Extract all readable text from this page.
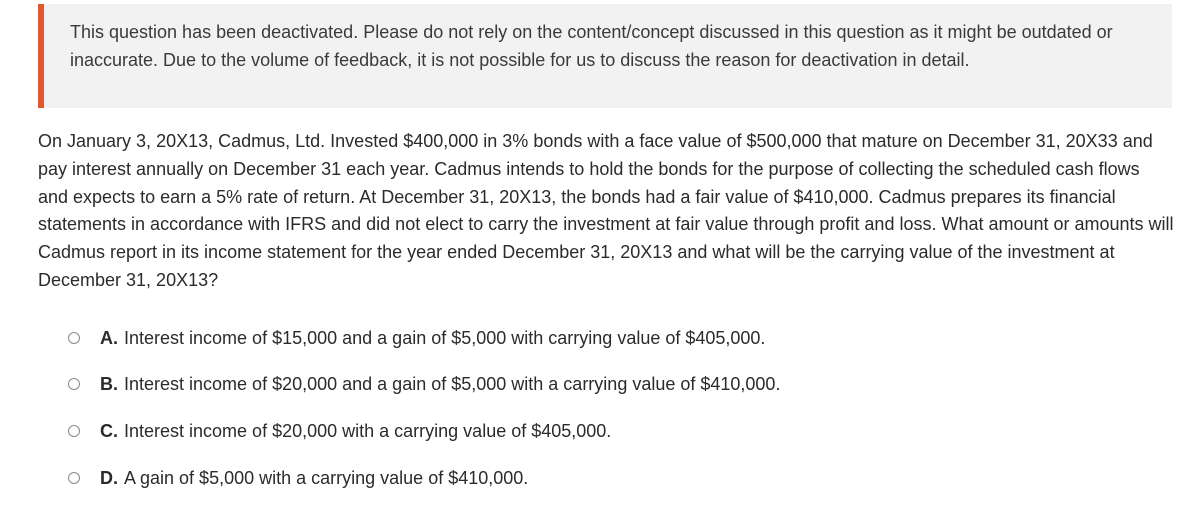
This question has been deactivated. Please do not rely on the content/concept discussed in this question as it might be outdated or inaccurate. Due to the volume of feedback, it is not possible for us to discuss the reason for deactivation in detail.
On January 3, 20X13, Cadmus, Ltd. Invested $400,000 in 3% bonds with a face value of $500,000 that mature on December 31, 20X33 and pay interest annually on December 31 each year. Cadmus intends to hold the bonds for the purpose of collecting the scheduled cash flows and expects to earn a 5% rate of return. At December 31, 20X13, the bonds had a fair value of $410,000. Cadmus prepares its financial statements in accordance with IFRS and did not elect to carry the investment at fair value through profit and loss. What amount or amounts will Cadmus report in its income statement for the year ended December 31, 20X13 and what will be the carrying value of the investment at December 31, 20X13?
A. Interest income of $15,000 and a gain of $5,000 with carrying value of $405,000.
B. Interest income of $20,000 and a gain of $5,000 with a carrying value of $410,000.
C. Interest income of $20,000 with a carrying value of $405,000.
D. A gain of $5,000 with a carrying value of $410,000.
